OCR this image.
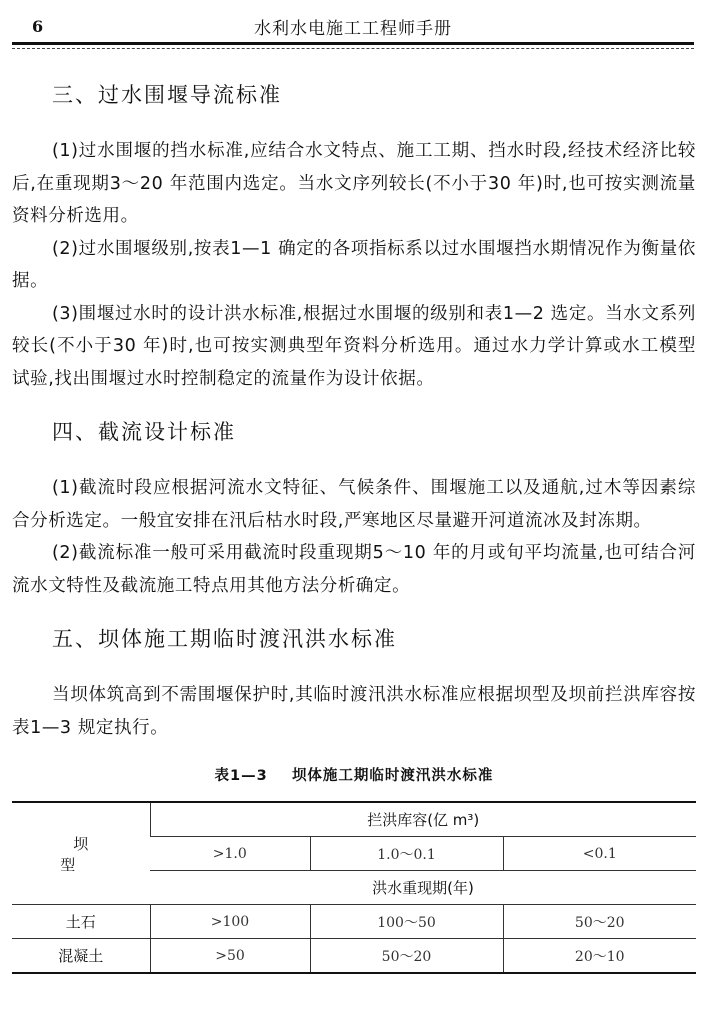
6	水利水电施工工程师手册
三、过水围堰导流标准

(1)过水围堰的挡水标准,应结合水文特点、施工工期、挡水时段,经技术经济比较后,在重现期3～20 年范围内选定。当水文序列较长(不小于30 年)时,也可按实测流量资料分析选用。

(2)过水围堰级别,按表1—1 确定的各项指标系以过水围堰挡水期情况作为衡量依据。

(3)围堰过水时的设计洪水标准,根据过水围堰的级别和表1—2 选定。当水文系列较长(不小于30 年)时,也可按实测典型年资料分析选用。通过水力学计算或水工模型试验,找出围堰过水时控制稳定的流量作为设计依据。

四、截流设计标准

(1)截流时段应根据河流水文特征、气候条件、围堰施工以及通航,过木等因素综合分析选定。一般宜安排在汛后枯水时段,严寒地区尽量避开河道流冰及封冻期。

(2)截流标准一般可采用截流时段重现期5～10 年的月或旬平均流量,也可结合河流水文特性及截流施工特点用其他方法分析确定。

五、坝体施工期临时渡汛洪水标准

当坝体筑高到不需围堰保护时,其临时渡汛洪水标准应根据坝型及坝前拦洪库容按表1—3 规定执行。

表1—3 坝体施工期临时渡汛洪水标准
坝　型	拦洪库容(亿 m³)		
	>1.0	1.0～0.1	<0.1
	洪水重现期(年)		
土石	>100	100～50	50～20
混凝土	>50	50～20	20～10
